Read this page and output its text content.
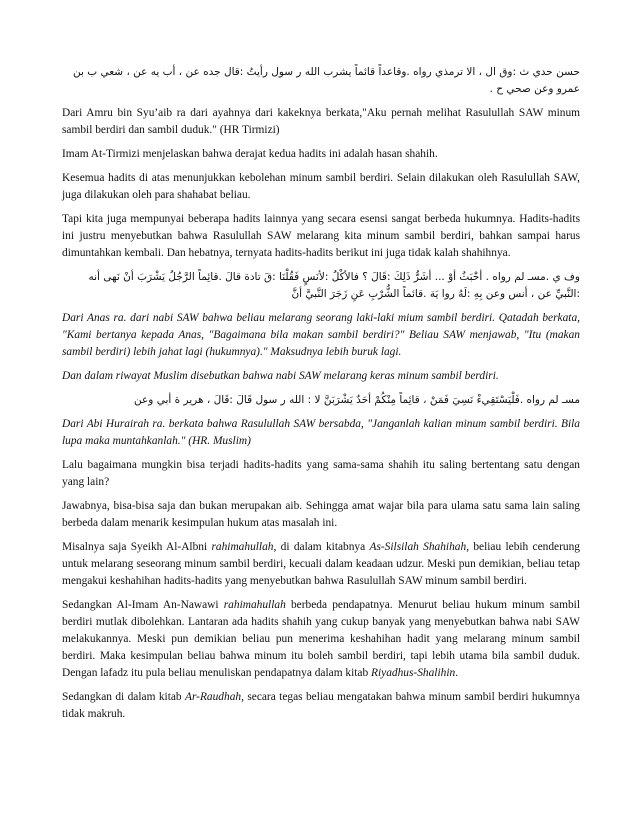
حسن حدي ث :وق ال ، الا ترمذي رواه .وقاعداً قائماً يشرب الله ر سول رأيتُ :قال جده عن ، أب يه عن ، شعي ب بن عمرو وعن صحي ح .

Dari Amru bin Syu’aib ra dari ayahnya dari kakeknya berkata,"Aku pernah melihat Rasulullah SAW minum sambil berdiri dan sambil duduk." (HR Tirmizi)

Imam At-Tirmizi menjelaskan bahwa derajat kedua hadits ini adalah hasan shahih.

Kesemua hadits di atas menunjukkan kebolehan minum sambil berdiri. Selain dilakukan oleh Rasulullah SAW, juga dilakukan oleh para shahabat beliau.

Tapi kita juga mempunyai beberapa hadits lainnya yang secara esensi sangat berbeda hukumnya. Hadits-hadits ini justru menyebutkan bahwa Rasulullah SAW melarang kita minum sambil berdiri, bahkan sampai harus dimuntahkan kembali. Dan hebatnya, ternyata hadits-hadits berikut ini juga tidak kalah shahihnya.

وف ي .مسـ لم رواه . أخْبَثُ أوْ ... أشَرُّ ذَلِكَ :قَالَ ؟ فالأكْلُ :لأنَسٍ فَقُلْنَا :قَ تادة قالَ .قائِماً الرَّجُلُ يَشْرَبَ أنْ نَهى أنه :النَّبيِّ عن ، أنس وعن بِهِ :لَهُ روا يَة .قائماً الشُّرْبِ عَنِ زَجَرَ النَّبيَّ أنَّ

Dari Anas ra. dari nabi SAW bahwa beliau melarang seorang laki-laki mium sambil berdiri. Qatadah berkata, "Kami bertanya kepada Anas, "Bagaimana bila makan sambil berdiri?" Beliau SAW menjawab, "Itu (makan sambil berdiri) lebih jahat lagi (hukumnya)." Maksudnya lebih buruk lagi.

Dan dalam riwayat Muslim disebutkan bahwa nabi SAW melarang keras minum sambil berdiri.

مسـ لم رواه .فَلْيَسْتَقِيءْ نَسِيَ فَمَنْ ، قائِماً مِنْكُمْ أحَدٌ يَشْرَبَنَّ لا : الله ر سول قَالَ :قَالَ ، هرير ة أبي وعن

Dari Abi Hurairah ra. berkata bahwa Rasulullah SAW bersabda, "Janganlah kalian minum sambil berdiri. Bila lupa maka muntahkanlah." (HR. Muslim)

Lalu bagaimana mungkin bisa terjadi hadits-hadits yang sama-sama shahih itu saling bertentang satu dengan yang lain?

Jawabnya, bisa-bisa saja dan bukan merupakan aib. Sehingga amat wajar bila para ulama satu sama lain saling berbeda dalam menarik kesimpulan hukum atas masalah ini.

Misalnya saja Syeikh Al-Albni rahimahullah, di dalam kitabnya As-Silsilah Shahihah, beliau lebih cenderung untuk melarang seseorang minum sambil berdiri, kecuali dalam keadaan udzur. Meski pun demikian, beliau tetap mengakui keshahihan hadits-hadits yang menyebutkan bahwa Rasulullah SAW minum sambil berdiri.

Sedangkan Al-Imam An-Nawawi rahimahullah berbeda pendapatnya. Menurut beliau hukum minum sambil berdiri mutlak dibolehkan. Lantaran ada hadits shahih yang cukup banyak yang menyebutkan bahwa nabi SAW melakukannya. Meski pun demikian beliau pun menerima keshahihan hadit yang melarang minum sambil berdiri. Maka kesimpulan beliau bahwa minum itu boleh sambil berdiri, tapi lebih utama bila sambil duduk. Dengan lafadz itu pula beliau menuliskan pendapatnya dalam kitab Riyadhus-Shalihin.

Sedangkan di dalam kitab Ar-Raudhah, secara tegas beliau mengatakan bahwa minum sambil berdiri hukumnya tidak makruh.
